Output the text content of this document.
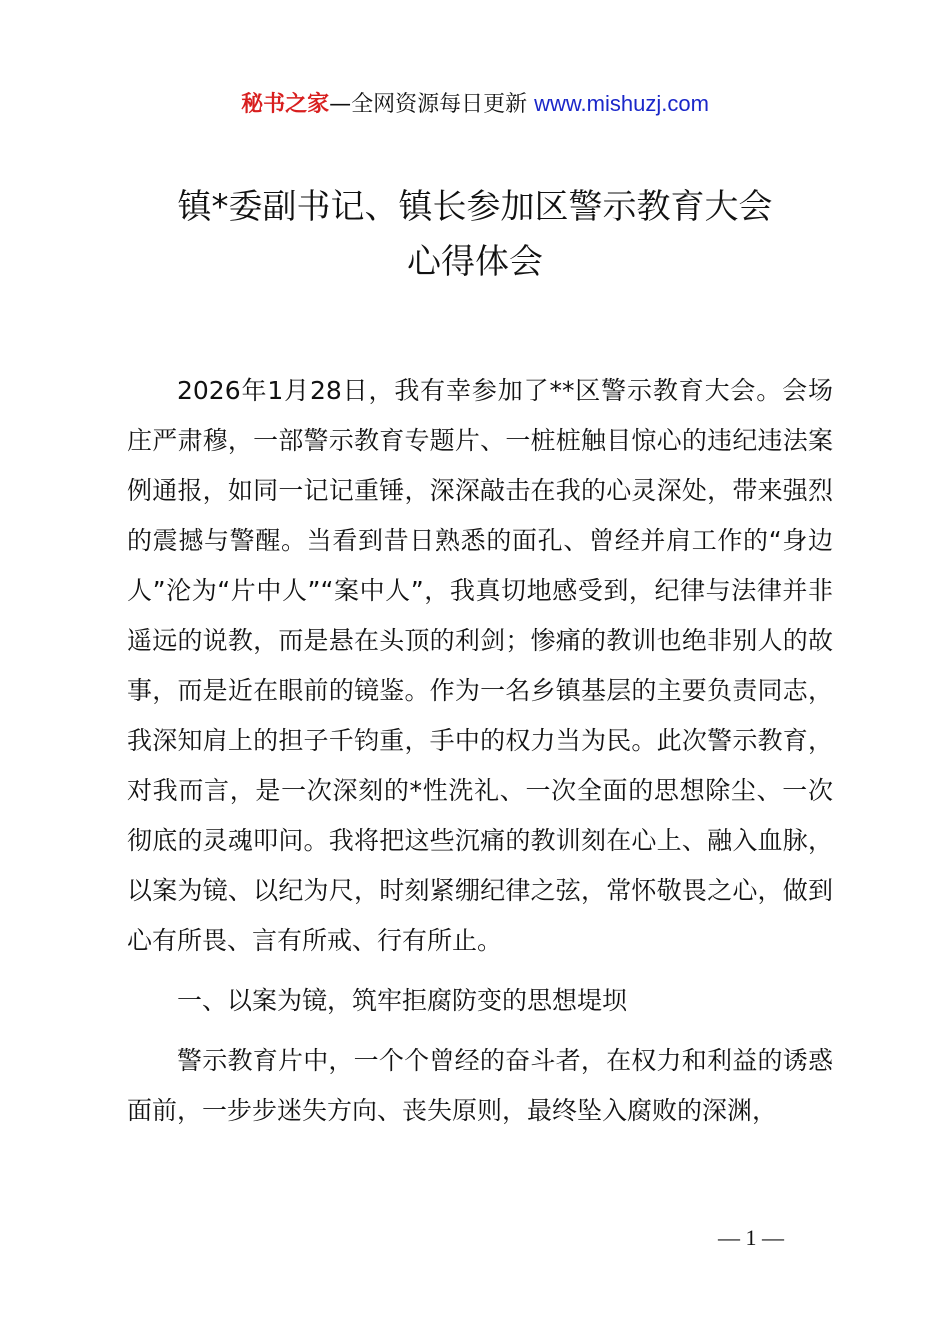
秘书之家—全网资源每日更新 www.mishuzj.com
镇*委副书记、镇长参加区警示教育大会
心得体会

2026年1月28日，我有幸参加了**区警示教育大会。会场庄严肃穆，一部警示教育专题片、一桩桩触目惊心的违纪违法案例通报，如同一记记重锤，深深敲击在我的心灵深处，带来强烈的震撼与警醒。当看到昔日熟悉的面孔、曾经并肩工作的“身边人”沦为“片中人”“案中人”，我真切地感受到，纪律与法律并非遥远的说教，而是悬在头顶的利剑；惨痛的教训也绝非别人的故事，而是近在眼前的镜鉴。作为一名乡镇基层的主要负责同志，我深知肩上的担子千钧重，手中的权力当为民。此次警示教育，对我而言，是一次深刻的*性洗礼、一次全面的思想除尘、一次彻底的灵魂叩问。我将把这些沉痛的教训刻在心上、融入血脉，以案为镜、以纪为尺，时刻紧绷纪律之弦，常怀敬畏之心，做到心有所畏、言有所戒、行有所止。

一、以案为镜，筑牢拒腐防变的思想堤坝

警示教育片中，一个个曾经的奋斗者，在权力和利益的诱惑面前，一步步迷失方向、丧失原则，最终坠入腐败的深渊，

— 1 —
